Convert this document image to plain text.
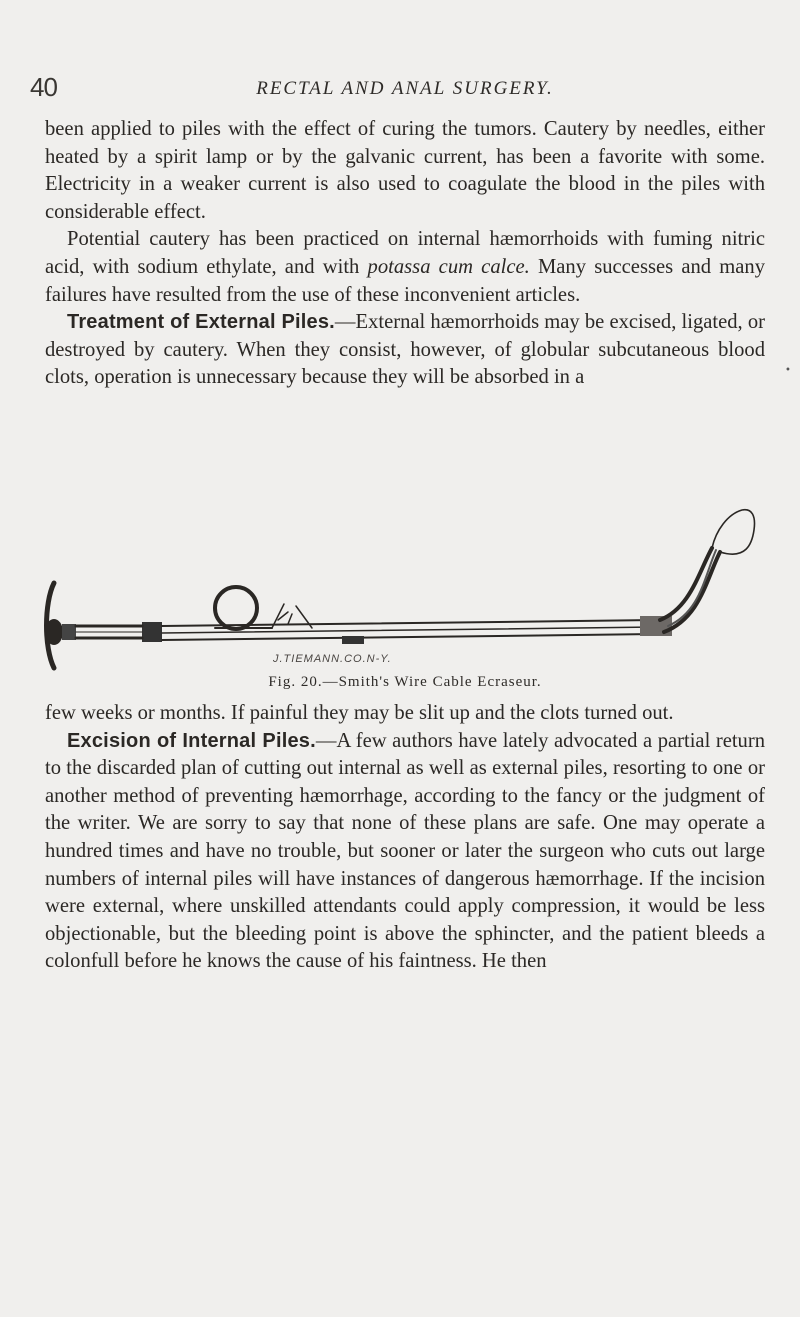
40	RECTAL AND ANAL SURGERY.

been applied to piles with the effect of curing the tumors. Cautery by needles, either heated by a spirit lamp or by the galvanic current, has been a favorite with some. Electricity in a weaker current is also used to coagulate the blood in the piles with considerable effect.

Potential cautery has been practiced on internal hæmorrhoids with fuming nitric acid, with sodium ethylate, and with potassa cum calce. Many successes and many failures have resulted from the use of these inconvenient articles.

Treatment of External Piles.—External hæmorrhoids may be excised, ligated, or destroyed by cautery. When they consist, however, of globular subcutaneous blood clots, operation is unnecessary because they will be absorbed in a	•
J.TIEMANN.CO.N-Y.
Fig. 20.—Smith's Wire Cable Ecraseur.

few weeks or months. If painful they may be slit up and the clots turned out.

Excision of Internal Piles.—A few authors have lately advocated a partial return to the discarded plan of cutting out internal as well as external piles, resorting to one or another method of preventing hæmorrhage, according to the fancy or the judgment of the writer. We are sorry to say that none of these plans are safe. One may operate a hundred times and have no trouble, but sooner or later the surgeon who cuts out large numbers of internal piles will have instances of dangerous hæmorrhage. If the incision were external, where unskilled attendants could apply compression, it would be less objectionable, but the bleeding point is above the sphincter, and the patient bleeds a colonfull before he knows the cause of his faintness. He then
